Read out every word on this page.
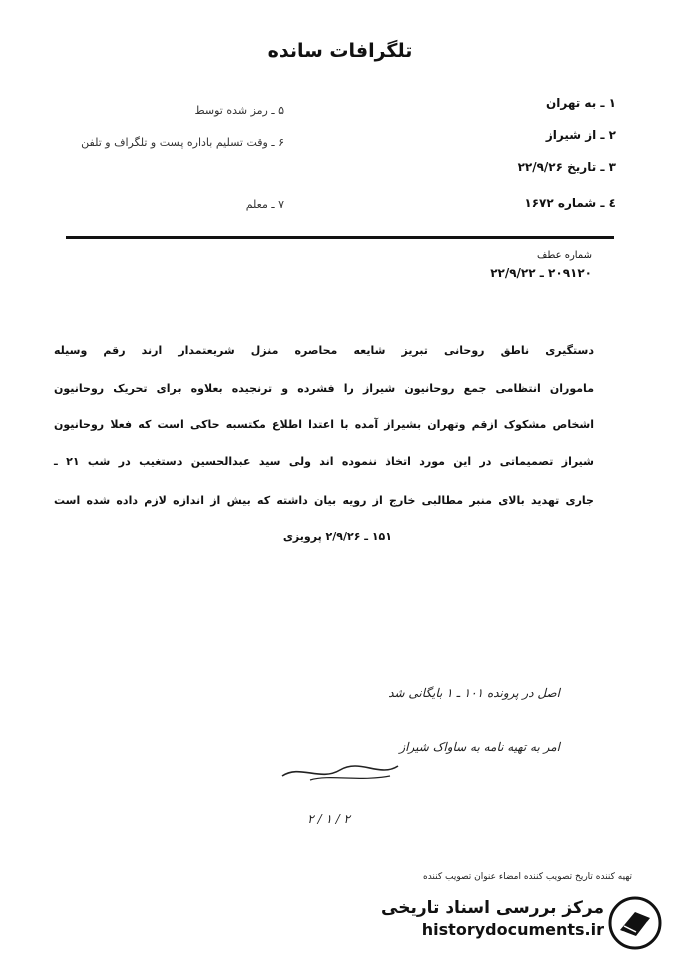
تلگرافات سانده
۱ ـ به تهران
۲ ـ از شیراز
۳ ـ تاریخ ۲۲/۹/۲۶
٤ ـ شماره ۱۶۷۲
۵ ـ رمز شده توسط
۶ ـ وقت تسلیم باداره پست و تلگراف و تلفن
۷ ـ معلم
شماره عطف
۲۰۹۱۲۰ ـ ۲۲/۹/۲۲
دستگیری ناطق روحانی تبریز شایعه محاصره منزل شریعتمدار ارند رقم وسیله
ماموران انتظامی جمع روحانیون شیراز را فشرده و ترنجیده بعلاوه برای تحریک روحانیون
اشخاص مشکوک ازقم وتهران بشیراز آمده با اعتدا اطلاع مکتسبه حاکی است که فعلا روحانیون
شیراز تصمیماتی در این مورد اتخاذ ننموده اند ولی سید عبدالحسین دستغیب در شب ۲۱ ـ
جاری تهدید بالای منبر مطالبی خارج از رویه بیان داشته که بیش از اندازه لازم داده شده است
۱۵۱ ـ ۲/۹/۲۶ پرویزی
اصل در پرونده ۱۰۱ ـ ۱ بایگانی شد
امر به تهیه نامه به ساواک شیراز
۲ / ۱ / ۲
تهیه کننده تاریخ تصویب کننده امضاء عنوان تصویب کننده
مرکز بررسی اسناد تاریخی
historydocuments.ir
